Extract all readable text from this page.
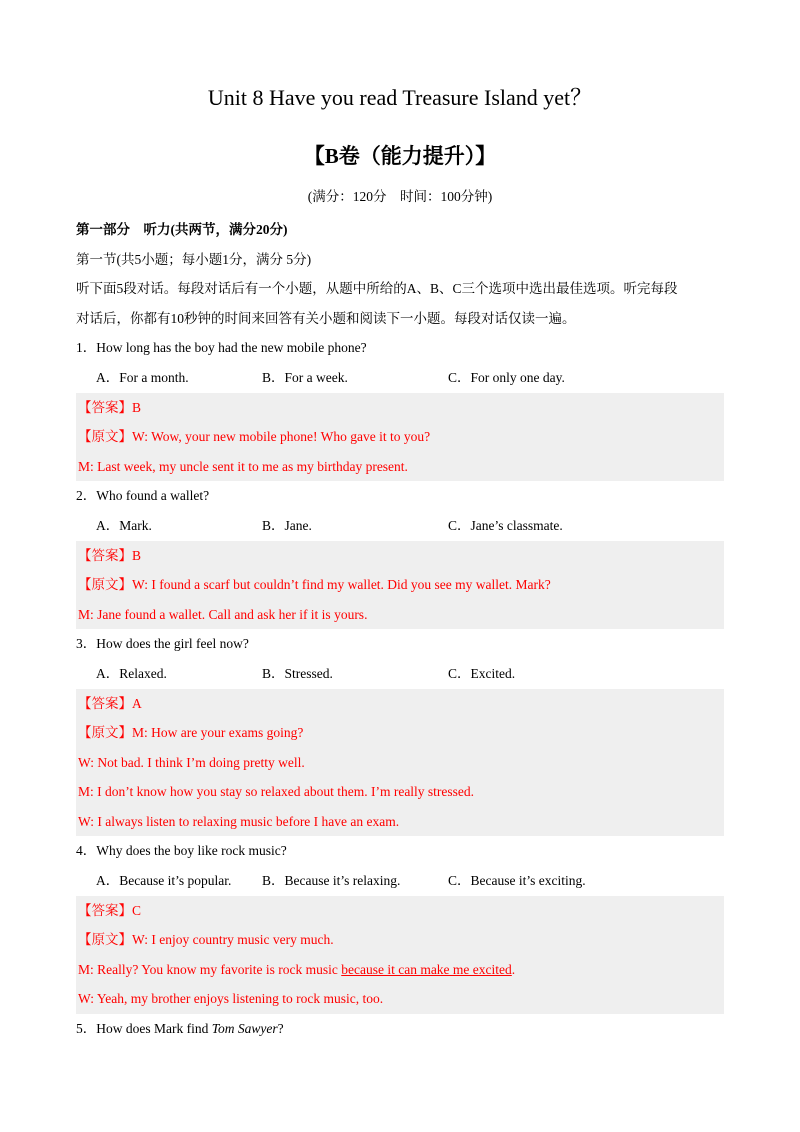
Unit 8 Have you read Treasure Island yet？
【B卷（能力提升）】
(满分：120分　时间：100分钟)
第一部分　听力(共两节，满分20分)
第一节(共5小题；每小题1分，满分 5分)
听下面5段对话。每段对话后有一个小题，从题中所给的A、B、C三个选项中选出最佳选项。听完每段
对话后，你都有10秒钟的时间来回答有关小题和阅读下一小题。每段对话仅读一遍。
1．How long has the boy had the new mobile phone?
A．For a month.	B．For a week.	C．For only one day.
【答案】B
【原文】W: Wow, your new mobile phone! Who gave it to you?
M: Last week, my uncle sent it to me as my birthday present.
2．Who found a wallet?
A．Mark.	B．Jane.	C．Jane’s classmate.
【答案】B
【原文】W: I found a scarf but couldn’t find my wallet. Did you see my wallet. Mark?
M: Jane found a wallet. Call and ask her if it is yours.
3．How does the girl feel now?
A．Relaxed.	B．Stressed.	C．Excited.
【答案】A
【原文】M: How are your exams going?
W: Not bad. I think I’m doing pretty well.
M: I don’t know how you stay so relaxed about them. I’m really stressed.
W: I always listen to relaxing music before I have an exam.
4．Why does the boy like rock music?
A．Because it’s popular.	B．Because it’s relaxing.	C．Because it’s exciting.
【答案】C
【原文】W: I enjoy country music very much.
M: Really? You know my favorite is rock music because it can make me excited.
W: Yeah, my brother enjoys listening to rock music, too.
5．How does Mark find Tom Sawyer?
